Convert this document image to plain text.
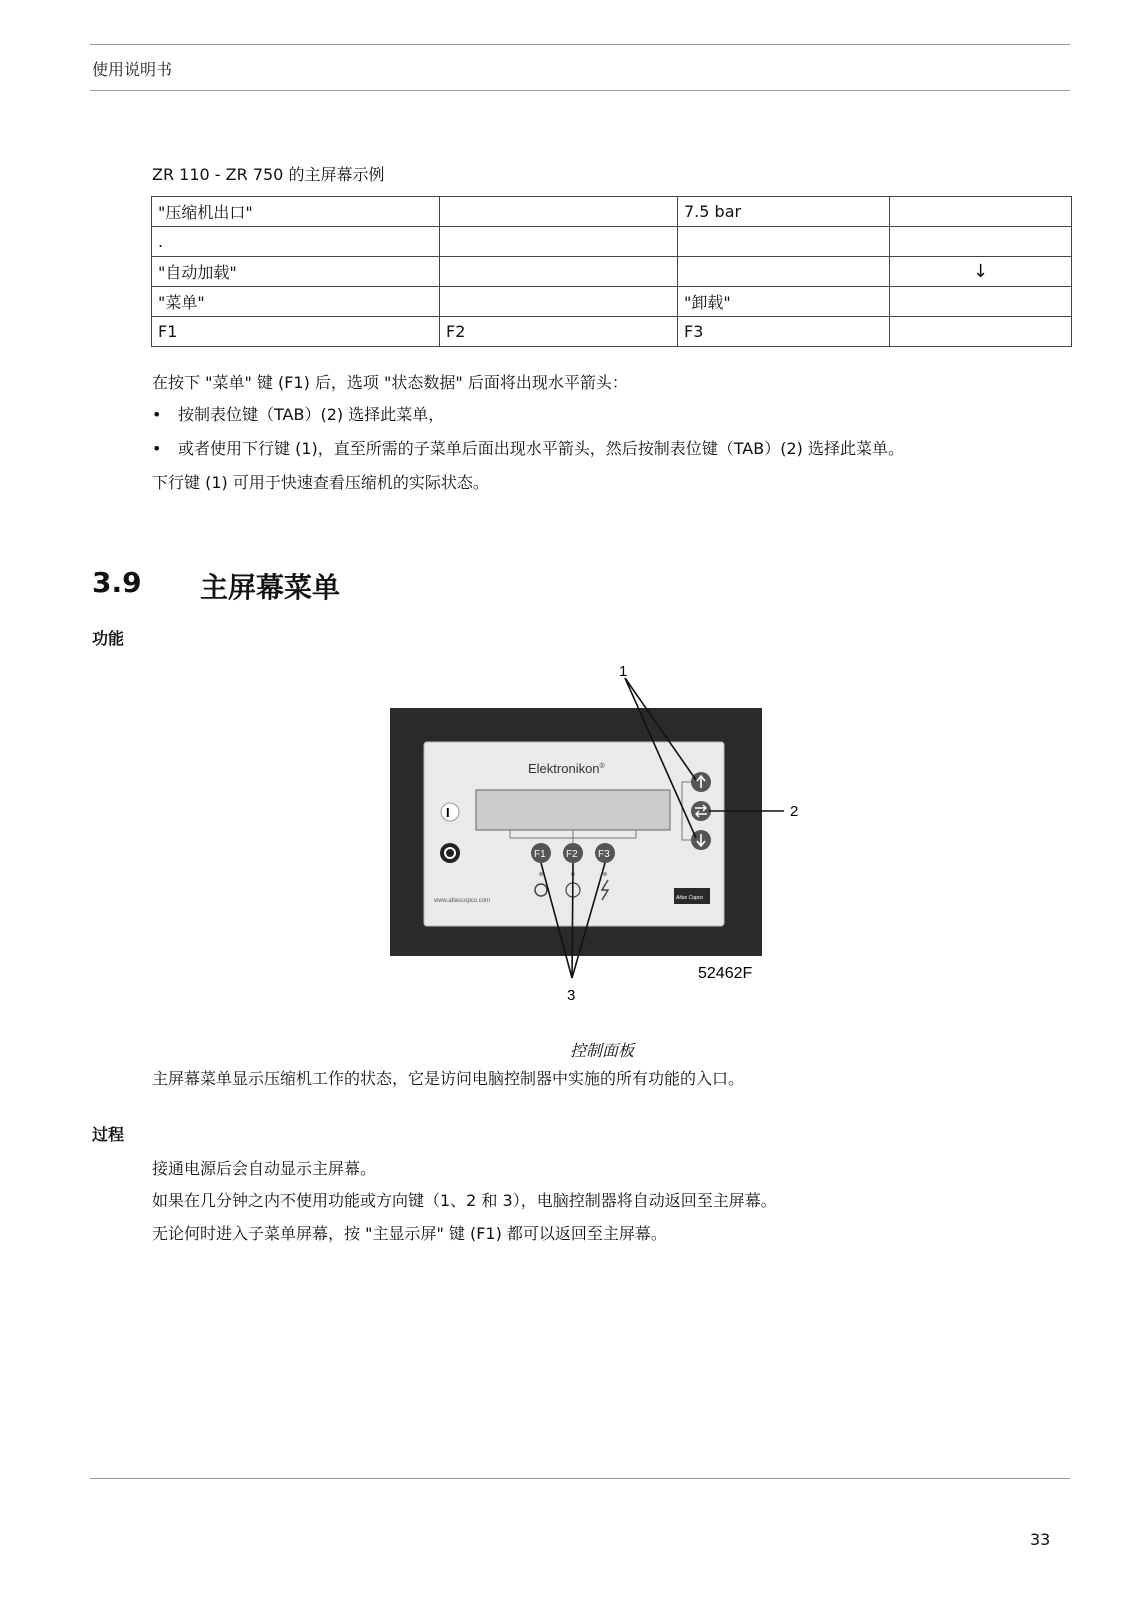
使用说明书
ZR 110 - ZR 750 的主屏幕示例
"压缩机出口"		7.5 bar	
.			
"自动加载"			↓
"菜单"		"卸载"	
F1	F2	F3	
在按下 "菜单" 键 (F1) 后，选项 "状态数据" 后面将出现水平箭头：
• 按制表位键（TAB）(2) 选择此菜单，
• 或者使用下行键 (1)，直至所需的子菜单后面出现水平箭头，然后按制表位键（TAB）(2) 选择此菜单。
下行键 (1) 可用于快速查看压缩机的实际状态。
3.9 主屏幕菜单
功能
Elektronikon®
I
F1 F2 F3
www.atlascopco.com	Atlas Copco
1
2
3
52462F
控制面板
主屏幕菜单显示压缩机工作的状态，它是访问电脑控制器中实施的所有功能的入口。
过程
接通电源后会自动显示主屏幕。
如果在几分钟之内不使用功能或方向键（1、2 和 3），电脑控制器将自动返回至主屏幕。
无论何时进入子菜单屏幕，按 "主显示屏" 键 (F1) 都可以返回至主屏幕。
33
